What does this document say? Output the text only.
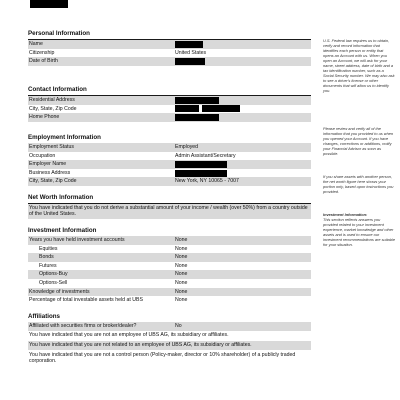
Personal Information
Name
Citizenship	United States
Date of Birth
Contact Information
Residential Address
City, State, Zip Code
Home Phone
Employment Information
Employment Status	Employed
Occupation	Admin Assistant/Secretary
Employer Name
Business Address
City, State, Zip Code	New York, NY 10065 - 7007
Net Worth Information
You have indicated that you do not derive a substantial amount of your income / wealth (over 50%) from a country outside of the United States.
Investment Information
Years you have held investment accounts	None
Equities	None
Bonds	None
Futures	None
Options-Buy	None
Options-Sell	None
Knowledge of investments	None
Percentage of total investable assets held at UBS	None
Affiliations
Affiliated with securities firms or broker/dealer?	No
You have indicated that you are not an employee of UBS AG, its subsidiary or affiliates.
You have indicated that you are not related to an employee of UBS AG, its subsidiary or affiliates.
You have indicated that you are not a control person (Policy-maker, director or 10% shareholder) of a publicly traded corporation.
U.S. Federal law requires us to obtain, verify and record information that identifies each person or entity that opens an Account with us. When you open an Account, we will ask for your name, street address, date of birth and a tax identification number, such as a Social Security number. We may also ask to see a driver's license or other documents that will allow us to identify you.
Please review and verify all of the information that you provided to us when you opened your Account. If you have changes, corrections or additions, notify your Financial Advisor as soon as possible.
If you share assets with another person, the net worth figure here shows your portion only, based upon instructions you provided.
Investment Information:
This section reflects answers you provided related to your investment experience, market knowledge and other assets and is used to ensure our investment recommendations are suitable for your situation.
